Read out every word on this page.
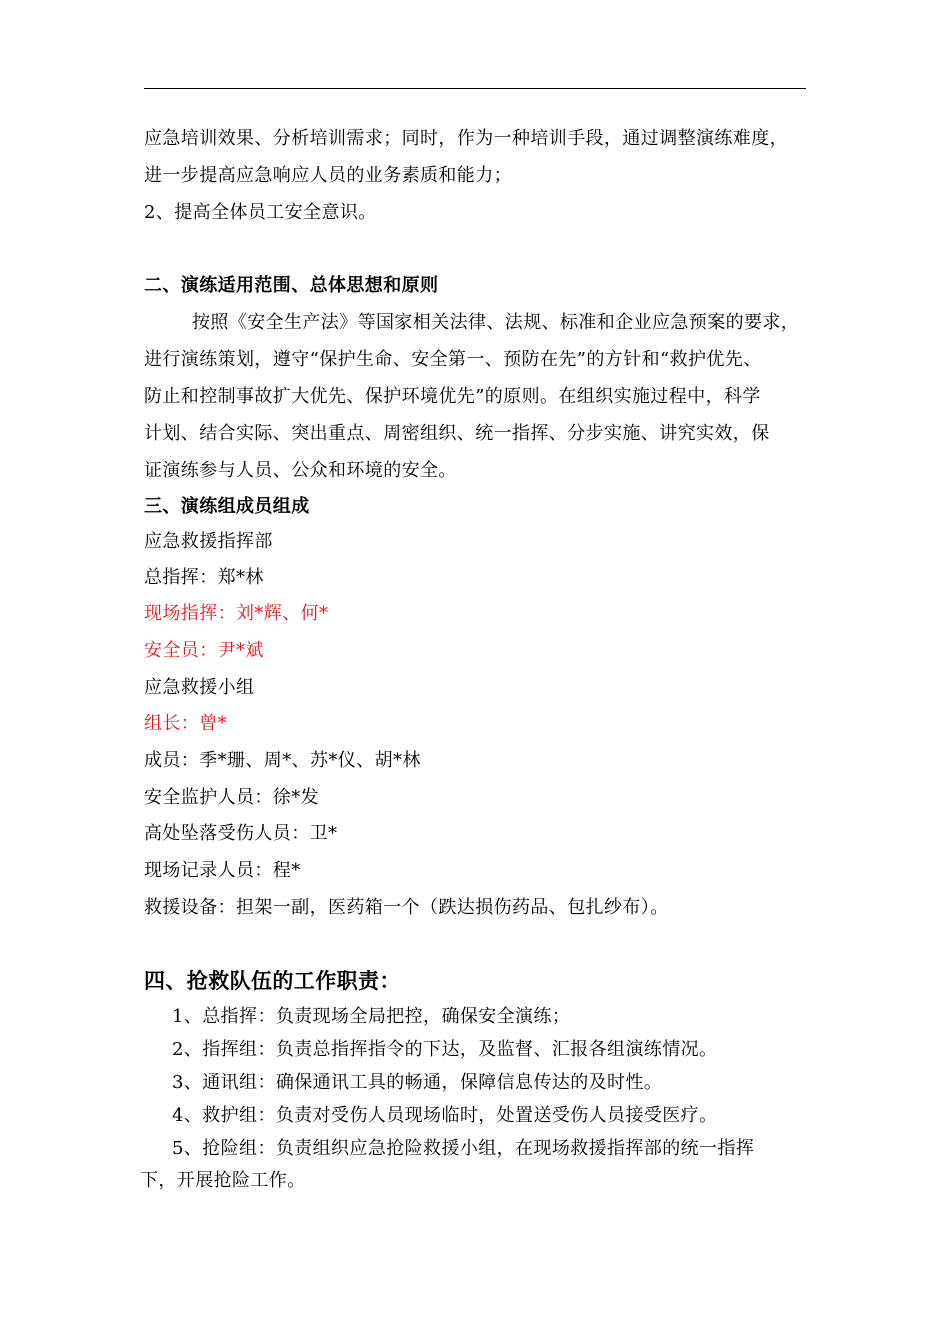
应急培训效果、分析培训需求；同时，作为一种培训手段，通过调整演练难度，
进一步提高应急响应人员的业务素质和能力；
2、提高全体员工安全意识。
二、演练适用范围、总体思想和原则
按照《安全生产法》等国家相关法律、法规、标准和企业应急预案的要求，
进行演练策划，遵守“保护生命、安全第一、预防在先”的方针和“救护优先、
防止和控制事故扩大优先、保护环境优先”的原则。在组织实施过程中，科学
计划、结合实际、突出重点、周密组织、统一指挥、分步实施、讲究实效，保
证演练参与人员、公众和环境的安全。
三、演练组成员组成
应急救援指挥部
总指挥：郑*林
现场指挥：刘*辉、何*
安全员：尹*斌
应急救援小组
组长：曾*
成员：季*珊、周*、苏*仪、胡*林
安全监护人员：徐*发
高处坠落受伤人员：卫*
现场记录人员：程*
救援设备：担架一副，医药箱一个（跌达损伤药品、包扎纱布）。
四、抢救队伍的工作职责：
1、总指挥：负责现场全局把控，确保安全演练；
2、指挥组：负责总指挥指令的下达，及监督、汇报各组演练情况。
3、通讯组：确保通讯工具的畅通，保障信息传达的及时性。
4、救护组：负责对受伤人员现场临时，处置送受伤人员接受医疗。
5、抢险组：负责组织应急抢险救援小组，在现场救援指挥部的统一指挥
下，开展抢险工作。
